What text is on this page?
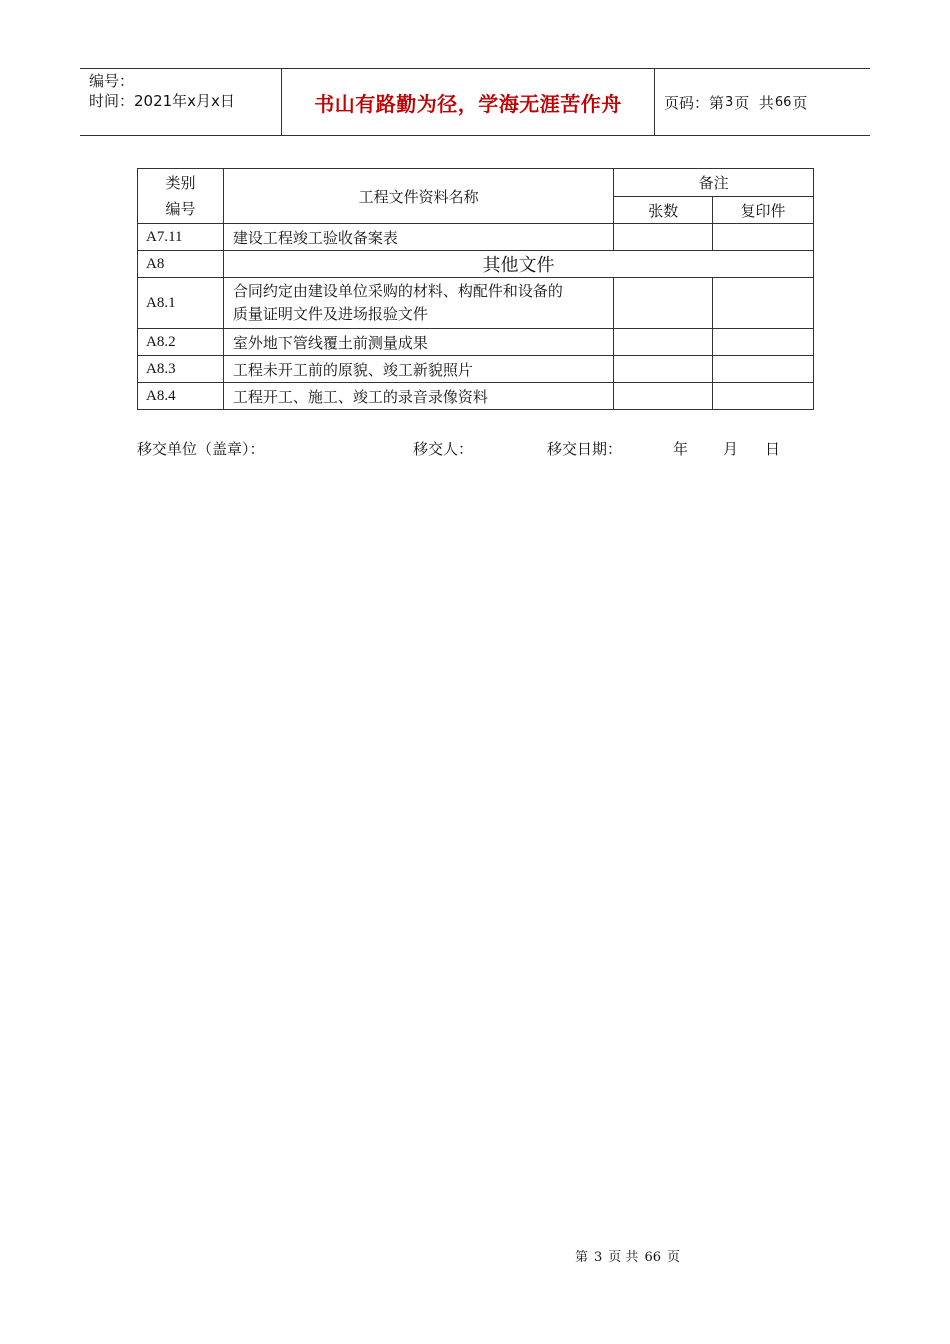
编号：
时间：2021年x月x日	书山有路勤为径，学海无涯苦作舟	页码：第 3 页  共 66 页
类别
编号	工程文件资料名称	备注	
		张数	复印件
A7.11	建设工程竣工验收备案表		
A8	其他文件		
A8.1	合同约定由建设单位采购的材料、构配件和设备的
质量证明文件及进场报验文件		

A8.2	室外地下管线覆土前测量成果		
A8.3	工程未开工前的原貌、竣工新貌照片		
A8.4	工程开工、施工、竣工的录音录像资料		
移交单位（盖章）：	移交人：	移交日期：	年 月 日
第 3 页 共 66 页
